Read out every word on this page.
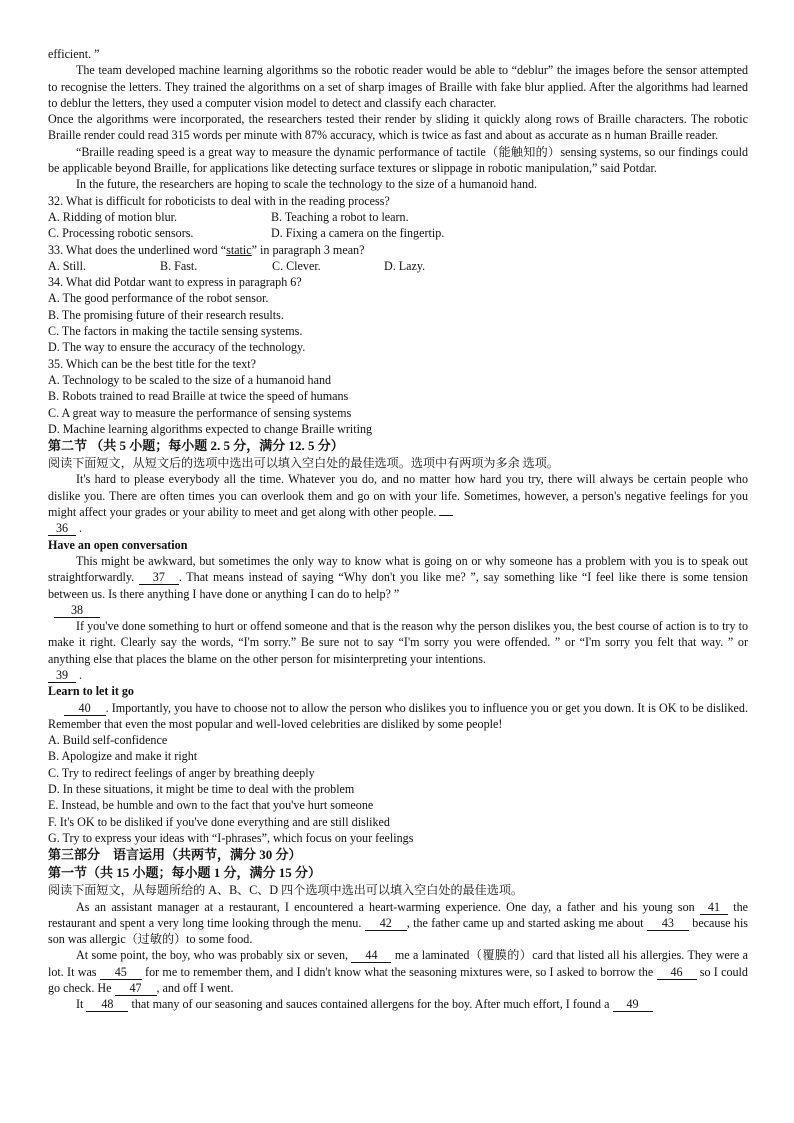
efficient. ”

The team developed machine learning algorithms so the robotic reader would be able to “deblur” the images before the sensor attempted to recognise the letters. They trained the algorithms on a set of sharp images of Braille with fake blur applied. After the algorithms had learned to deblur the letters, they used a computer vision model to detect and classify each character.

Once the algorithms were incorporated, the researchers tested their render by sliding it quickly along rows of Braille characters. The robotic Braille render could read 315 words per minute with 87% accuracy, which is twice as fast and about as accurate as n human Braille reader.

“Braille reading speed is a great way to measure the dynamic performance of tactile（能触知的）sensing systems, so our findings could be applicable beyond Braille, for applications like detecting surface textures or slippage in robotic manipulation,” said Potdar.

In the future, the researchers are hoping to scale the technology to the size of a humanoid hand.

32. What is difficult for roboticists to deal with in the reading process?

A. Ridding of motion blur.	B. Teaching a robot to learn.
C. Processing robotic sensors.	D. Fixing a camera on the fingertip.

33. What does the underlined word “static” in paragraph 3 mean?

A. Still.	B. Fast.	C. Clever.	D. Lazy.

34. What did Potdar want to express in paragraph 6?

A. The good performance of the robot sensor.

B. The promising future of their research results.

C. The factors in making the tactile sensing systems.

D. The way to ensure the accuracy of the technology.

35. Which can be the best title for the text?

A. Technology to be scaled to the size of a humanoid hand

B. Robots trained to read Braille at twice the speed of humans

C. A great way to measure the performance of sensing systems

D. Machine learning algorithms expected to change Braille writing

第二节 （共 5 小题；每小题 2. 5 分，满分 12. 5 分）

阅读下面短文，从短文后的选项中选出可以填入空白处的最佳选项。选项中有两项为多余 选项。

It's hard to please everybody all the time. Whatever you do, and no matter how hard you try, there will always be certain people who dislike you. There are often times you can overlook them and go on with your life. Sometimes, however, a person's negative feelings for you might affect your grades or your ability to meet and get along with other people.
36 .

Have an open conversation

This might be awkward, but sometimes the only way to know what is going on or why someone has a problem with you is to speak out straightforwardly. 37 . That means instead of saying “Why don't you like me? ”, say something like “I feel like there is some tension between us. Is there anything I have done or anything I can do to help? ”
38

If you've done something to hurt or offend someone and that is the reason why the person dislikes you, the best course of action is to try to make it right. Clearly say the words, “I'm sorry.” Be sure not to say “I'm sorry you were offended. ” or “I'm sorry you felt that way. ” or anything else that places the blame on the other person for misinterpreting your intentions.
39 .

Learn to let it go

40 . Importantly, you have to choose not to allow the person who dislikes you to influence you or get you down. It is OK to be disliked. Remember that even the most popular and well-loved celebrities are disliked by some people!

A. Build self-confidence

B. Apologize and make it right

C. Try to redirect feelings of anger by breathing deeply

D. In these situations, it might be time to deal with the problem

E. Instead, be humble and own to the fact that you've hurt someone

F. It's OK to be disliked if you've done everything and are still disliked

G. Try to express your ideas with “I-phrases”, which focus on your feelings

第三部分　语言运用（共两节，满分 30 分）

第一节（共 15 小题；每小题 1 分，满分 15 分）

阅读下面短文，从每题所给的 A、B、C、D 四个选项中选出可以填入空白处的最佳选项。

As an assistant manager at a restaurant, I encountered a heart-warming experience. One day, a father and his young son 41 the restaurant and spent a very long time looking through the menu. 42 , the father came up and started asking me about 43 because his son was allergic（过敏的）to some food.

At some point, the boy, who was probably six or seven, 44 me a laminated（覆膜的）card that listed all his allergies. They were a lot. It was 45 for me to remember them, and I didn't know what the seasoning mixtures were, so I asked to borrow the 46 so I could go check. He 47 , and off I went.

It 48 that many of our seasoning and sauces contained allergens for the boy. After much effort, I found a 49
